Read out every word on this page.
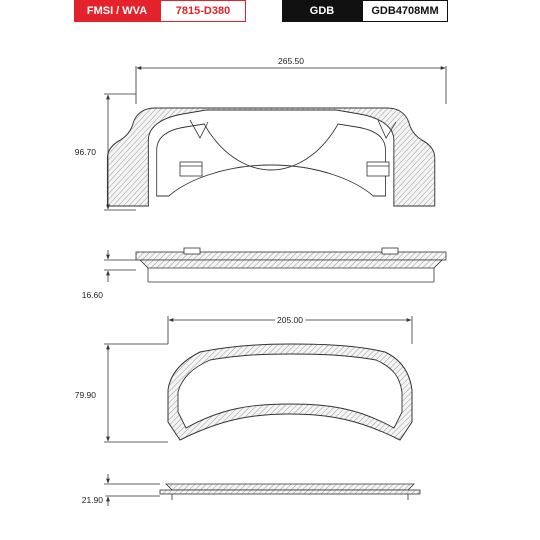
FMSI / WVA	7815-D380	GDB	GDB4708MM
265.50
96.70
16.60
205.00
79.90
21.90
